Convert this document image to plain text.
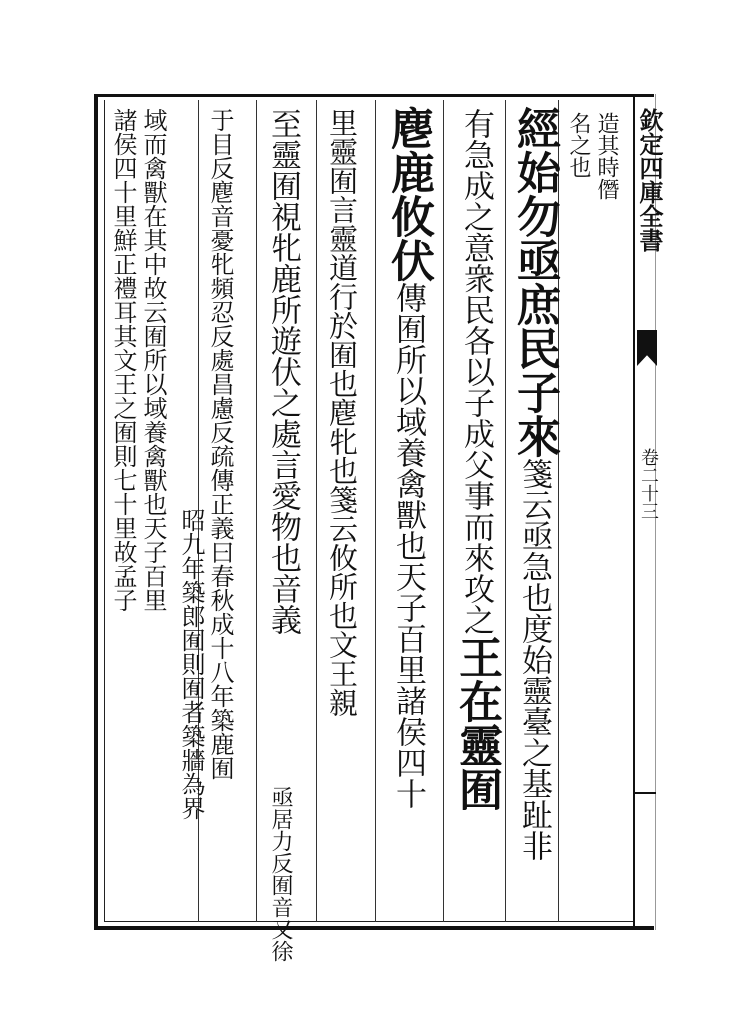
欽定四庫全書
卷二十三
造其時僭
名之也
經始勿亟庶民子來箋云亟急也度始靈臺之基趾非
有急成之意衆民各以子成父事而來攻之王在靈囿
麀鹿攸伏傳囿所以域養禽獸也天子百里諸侯四十
里靈囿言靈道行於囿也麀牝也箋云攸所也文王親
至靈囿視牝鹿所遊伏之處言愛物也音義
亟居力反囿音又徐
于目反麀音憂牝頻忍反處昌慮反疏傳正義曰春秋成十八年築鹿囿
昭九年築郎囿則囿者築牆為界
域而禽獸在其中故云囿所以域養禽獸也天子百里
諸侯四十里鮮正禮耳其文王之囿則七十里故孟子
